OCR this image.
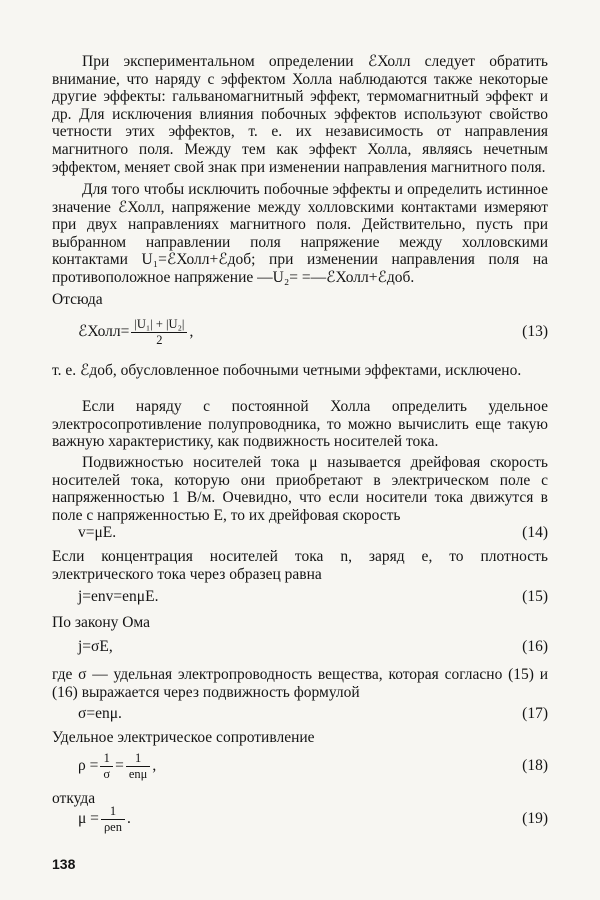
При экспериментальном определении ℰХолл следует обратить внимание, что наряду с эффектом Холла наблюдаются также некоторые другие эффекты: гальваномагнитный эффект, термомагнитный эффект и др. Для исключения влияния побочных эффектов используют свойство четности этих эффектов, т. е. их независимость от направления магнитного поля. Между тем как эффект Холла, являясь нечетным эффектом, меняет свой знак при изменении направления магнитного поля.

Для того чтобы исключить побочные эффекты и определить истинное значение ℰХолл, напряжение между холловскими контактами измеряют при двух направлениях магнитного поля. Действительно, пусть при выбранном направлении поля напряжение между холловскими контактами U₁=ℰХолл+ℰдоб; при изменении направления поля на противоположное напряжение —U₂= =—ℰХолл+ℰдоб.

Отсюда

ℰХолл= $\frac{\text{|U₁| + |U₂|}}{2}$ ,	(13)

т. е. ℰдоб, обусловленное побочными четными эффектами, исключено.

Если наряду с постоянной Холла определить удельное электросопротивление полупроводника, то можно вычислить еще такую важную характеристику, как подвижность носителей тока.

Подвижностью носителей тока μ называется дрейфовая скорость носителей тока, которую они приобретают в электрическом поле с напряженностью 1 В/м. Очевидно, что если носители тока движутся в поле с напряженностью E, то их дрейфовая скорость

v=μE.	(14)

Если концентрация носителей тока n, заряд e, то плотность электрического тока через образец равна

j=env=enμE.	(15)

По закону Ома

j=σE,	(16)

где σ — удельная электропроводность вещества, которая согласно (15) и (16) выражается через подвижность формулой

σ=enμ.	(17)

Удельное электрическое сопротивление

$\rho = \frac{1}{\sigma} = \frac{1}{\text{enμ}}$ ,	(18)

откуда

$\mu = \frac{1}{\text{ρen}}$ .	(19)
138
